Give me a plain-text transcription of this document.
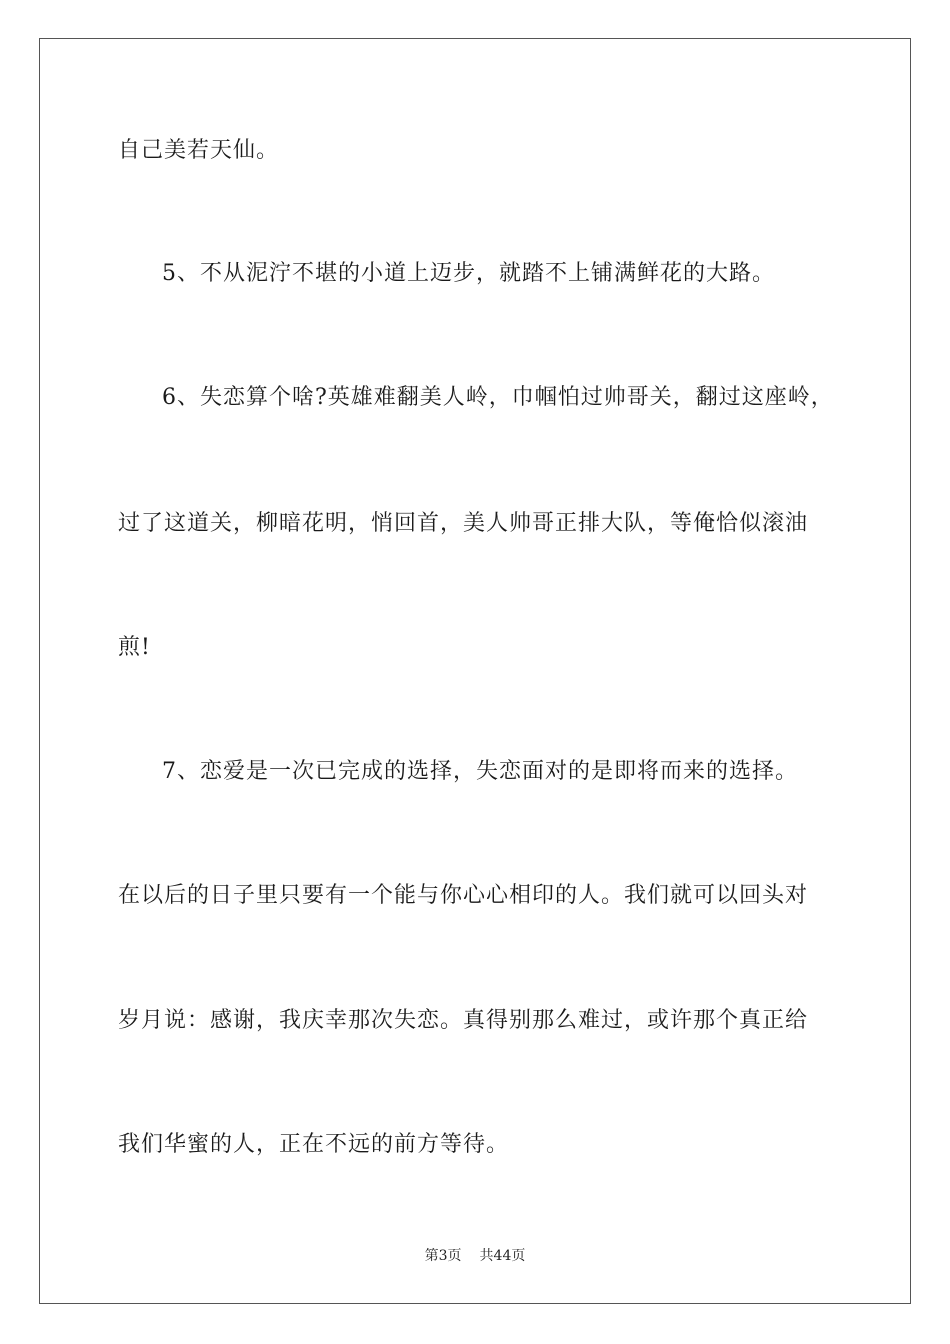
自己美若天仙。
5、不从泥泞不堪的小道上迈步，就踏不上铺满鲜花的大路。
6、失恋算个啥?英雄难翻美人岭，巾帼怕过帅哥关，翻过这座岭，
过了这道关，柳暗花明，悄回首，美人帅哥正排大队，等俺恰似滚油
煎!
7、恋爱是一次已完成的选择，失恋面对的是即将而来的选择。
在以后的日子里只要有一个能与你心心相印的人。我们就可以回头对
岁月说：感谢，我庆幸那次失恋。真得别那么难过，或许那个真正给
我们华蜜的人，正在不远的前方等待。
第3页 共44页
